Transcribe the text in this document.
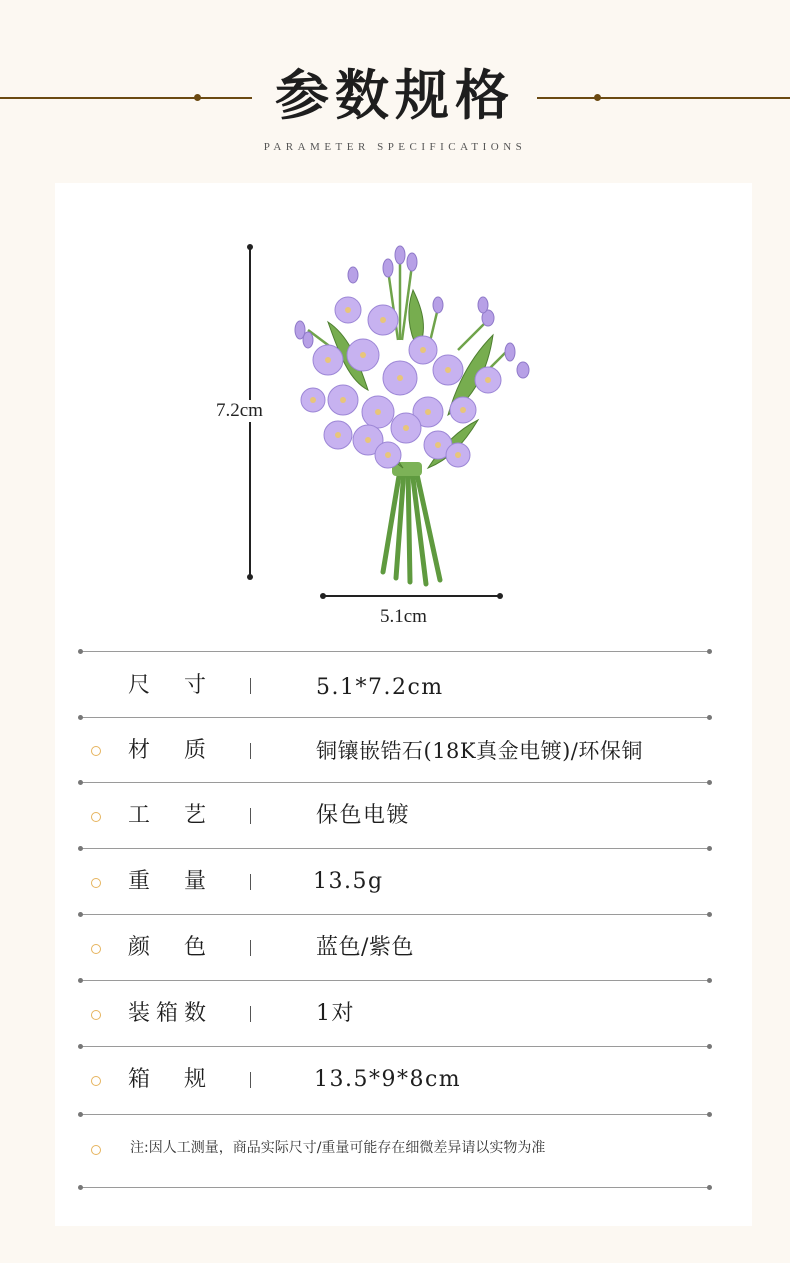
参数规格
PARAMETER SPECIFICATIONS
7.2cm
5.1cm
尺寸	5.1*7.2cm
材质	铜镶嵌锆石(18K真金电镀)/环保铜
工艺	保色电镀
重量	13.5g
颜色	蓝色/紫色
装箱数	1对
箱规	13.5*9*8cm
注:因人工测量，商品实际尺寸/重量可能存在细微差异请以实物为准
